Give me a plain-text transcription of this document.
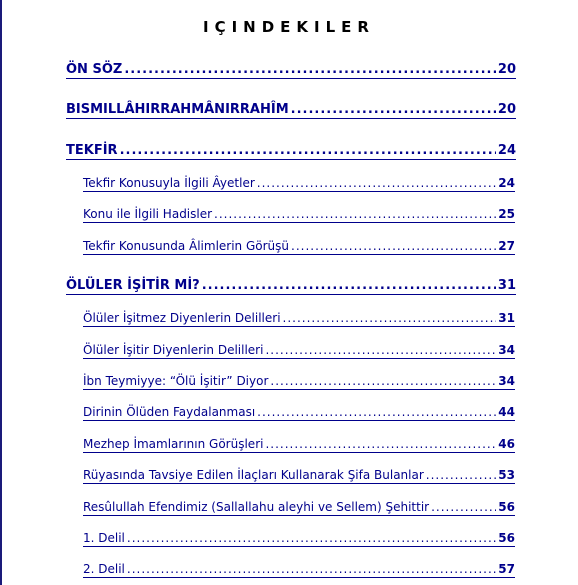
IÇINDEKILER
ÖN SÖZ .....	20
BISMILLÂHIRRAHMÂNIRRAHÎM .....	20
TEKFİR .....	24
Tekfir Konusuyla İlgili Âyetler .....	24
Konu ile İlgili Hadisler .....	25
Tekfir Konusunda Âlimlerin Görüşü .....	27
ÖLÜLER İŞİTİR Mİ? .....	31
Ölüler İşitmez Diyenlerin Delilleri .....	31
Ölüler İşitir Diyenlerin Delilleri .....	34
İbn Teymiyye: “Ölü İşitir” Diyor .....	34
Dirinin Ölüden Faydalanması .....	44
Mezhep İmamlarının Görüşleri .....	46
Rüyasında Tavsiye Edilen İlaçları Kullanarak Şifa Bulanlar .....	53
Resûlullah Efendimiz (Sallallahu aleyhi ve Sellem) Şehittir .....	56
1. Delil .....	56
2. Delil .....	57
